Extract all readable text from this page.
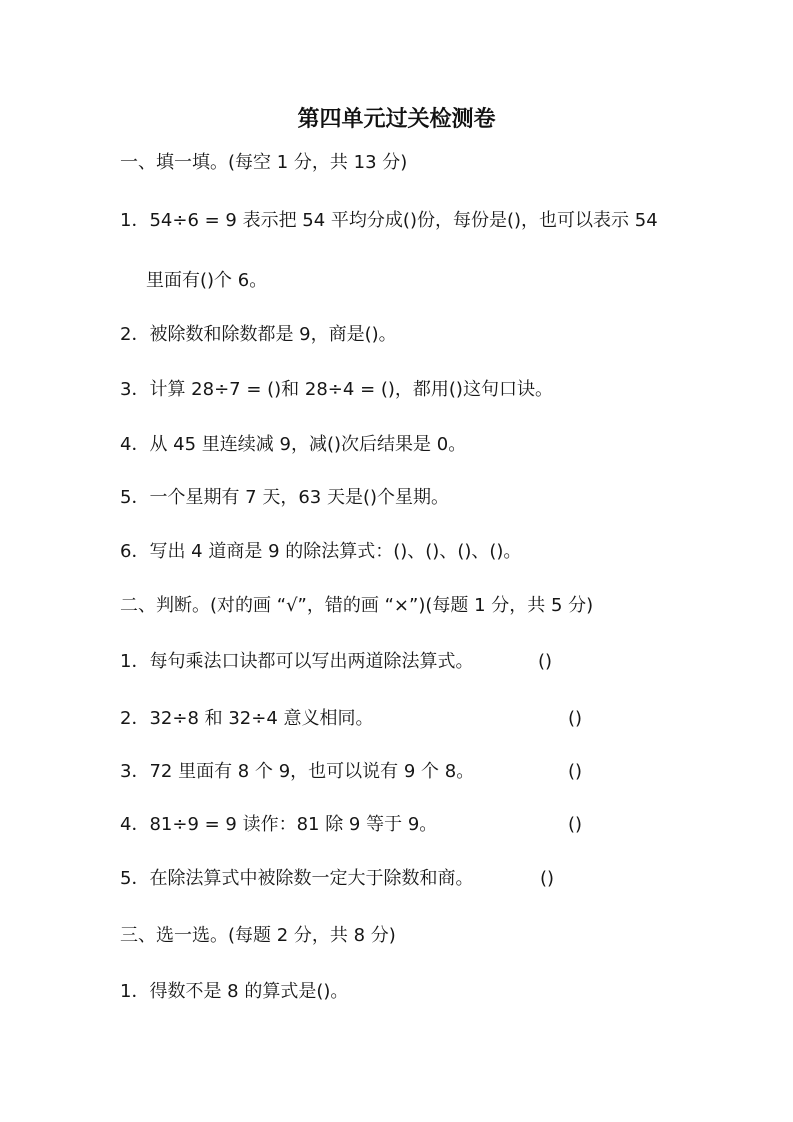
第四单元过关检测卷
一、填一填。(每空 1 分，共 13 分)
1．54÷6 = 9 表示把 54 平均分成()份，每份是()，也可以表示 54
里面有()个 6。
2．被除数和除数都是 9，商是()。
3．计算 28÷7 = ()和 28÷4 = ()，都用()这句口诀。
4．从 45 里连续减 9，减()次后结果是 0。
5．一个星期有 7 天，63 天是()个星期。
6．写出 4 道商是 9 的除法算式：()、()、()、()。
二、判断。(对的画 “√”，错的画 “×”)(每题 1 分，共 5 分)
1．每句乘法口诀都可以写出两道除法算式。	()
2．32÷8 和 32÷4 意义相同。	()
3．72 里面有 8 个 9，也可以说有 9 个 8。	()
4．81÷9 = 9 读作：81 除 9 等于 9。	()
5．在除法算式中被除数一定大于除数和商。	()
三、选一选。(每题 2 分，共 8 分)
1．得数不是 8 的算式是()。
